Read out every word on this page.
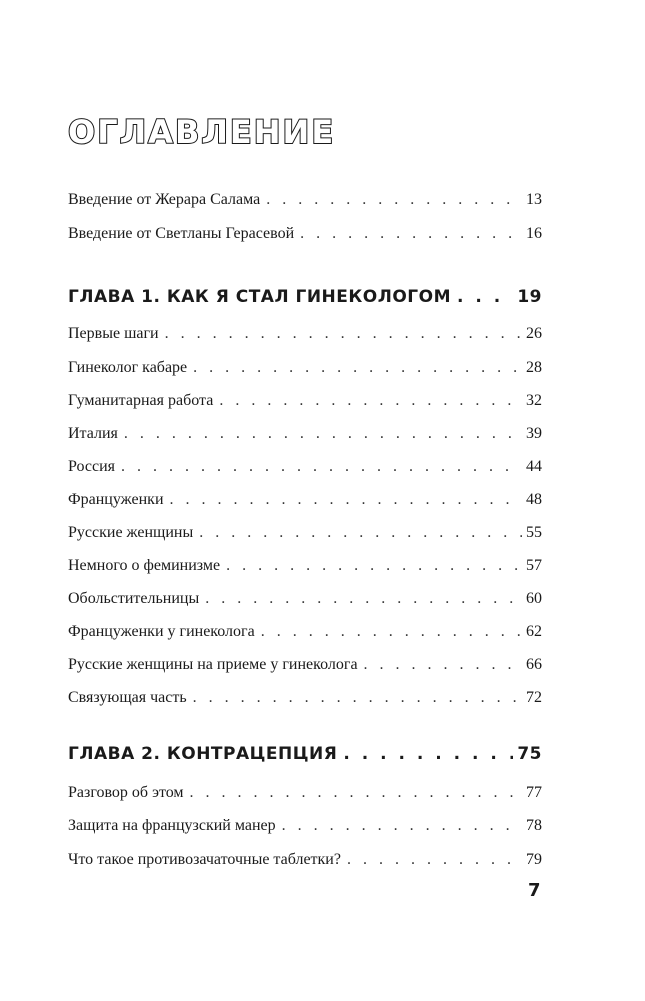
ОГЛАВЛЕНИЕ
Введение от Жерара Салама . . .	13
Введение от Светланы Герасевой . . .	16
ГЛАВА 1. КАК Я СТАЛ ГИНЕКОЛОГОМ . . .	19
Первые шаги . . .	26
Гинеколог кабаре . . .	28
Гуманитарная работа . . .	32
Италия . . .	39
Россия . . .	44
Француженки . . .	48
Русские женщины . . .	55
Немного о феминизме . . .	57
Обольстительницы . . .	60
Француженки у гинеколога . . .	62
Русские женщины на приеме у гинеколога . . .	66
Связующая часть . . .	72
ГЛАВА 2. КОНТРАЦЕПЦИЯ . . .	75
Разговор об этом . . .	77
Защита на французский манер . . .	78
Что такое противозачаточные таблетки? . . .	79
7
